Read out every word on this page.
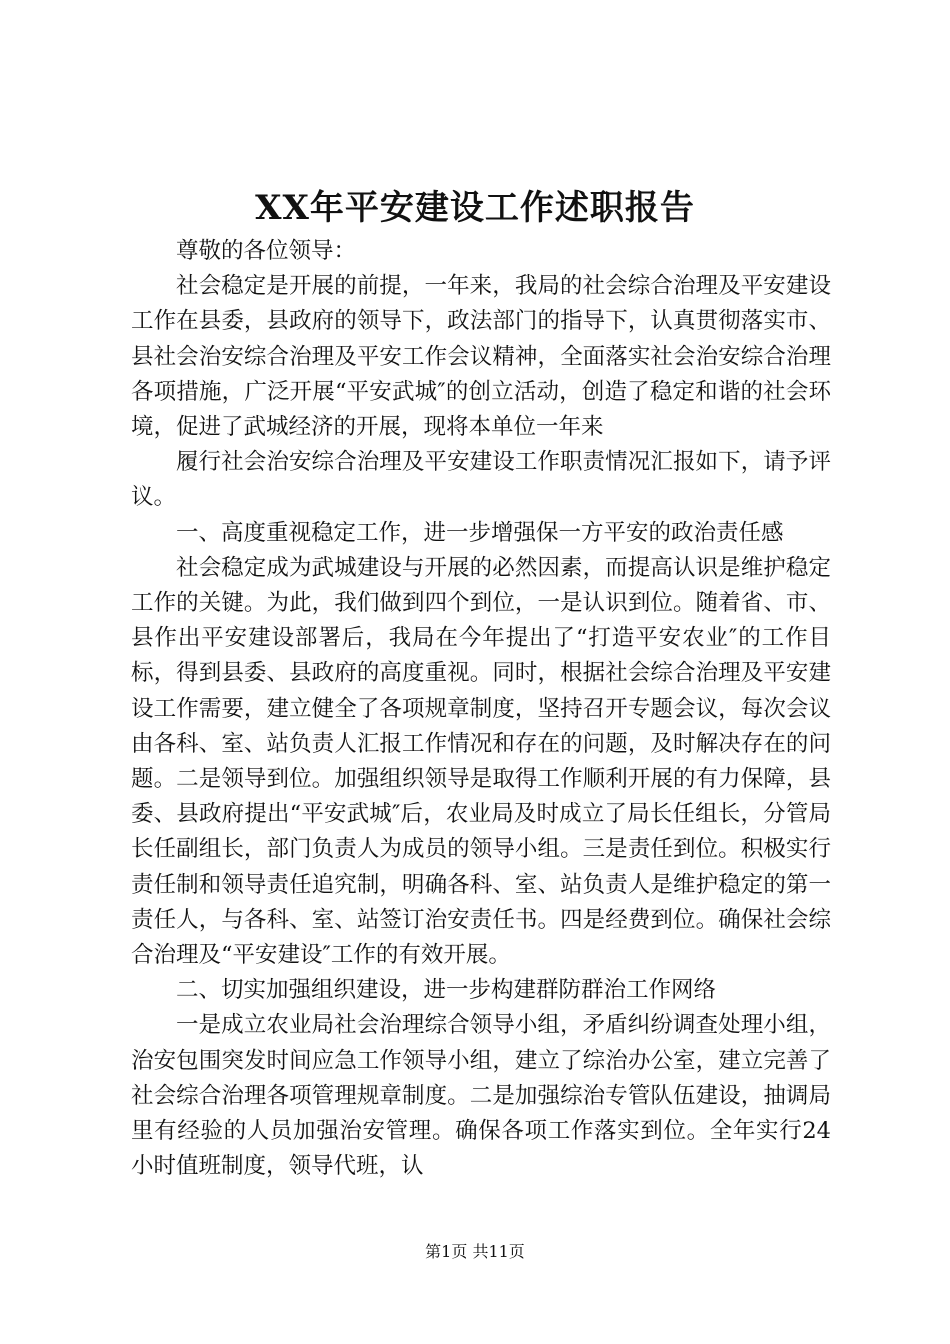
XX年平安建设工作述职报告

尊敬的各位领导：

社会稳定是开展的前提，一年来，我局的社会综合治理及平安建设工作在县委，县政府的领导下，政法部门的指导下，认真贯彻落实市、县社会治安综合治理及平安工作会议精神，全面落实社会治安综合治理各项措施，广泛开展“平安武城″的创立活动，创造了稳定和谐的社会环境，促进了武城经济的开展，现将本单位一年来

履行社会治安综合治理及平安建设工作职责情况汇报如下，请予评议。

一、高度重视稳定工作，进一步增强保一方平安的政治责任感

社会稳定成为武城建设与开展的必然因素，而提高认识是维护稳定工作的关键。为此，我们做到四个到位，一是认识到位。随着省、市、县作出平安建设部署后，我局在今年提出了“打造平安农业″的工作目标，得到县委、县政府的高度重视。同时，根据社会综合治理及平安建设工作需要，建立健全了各项规章制度，坚持召开专题会议，每次会议由各科、室、站负责人汇报工作情况和存在的问题，及时解决存在的问题。二是领导到位。加强组织领导是取得工作顺利开展的有力保障，县委、县政府提出“平安武城″后，农业局及时成立了局长任组长，分管局长任副组长，部门负责人为成员的领导小组。三是责任到位。积极实行责任制和领导责任追究制，明确各科、室、站负责人是维护稳定的第一责任人，与各科、室、站签订治安责任书。四是经费到位。确保社会综合治理及“平安建设″工作的有效开展。

二、切实加强组织建设，进一步构建群防群治工作网络

一是成立农业局社会治理综合领导小组，矛盾纠纷调查处理小组，治安包围突发时间应急工作领导小组，建立了综治办公室，建立完善了社会综合治理各项管理规章制度。二是加强综治专管队伍建设，抽调局里有经验的人员加强治安管理。确保各项工作落实到位。全年实行24小时值班制度，领导代班，认

第1页 共11页
